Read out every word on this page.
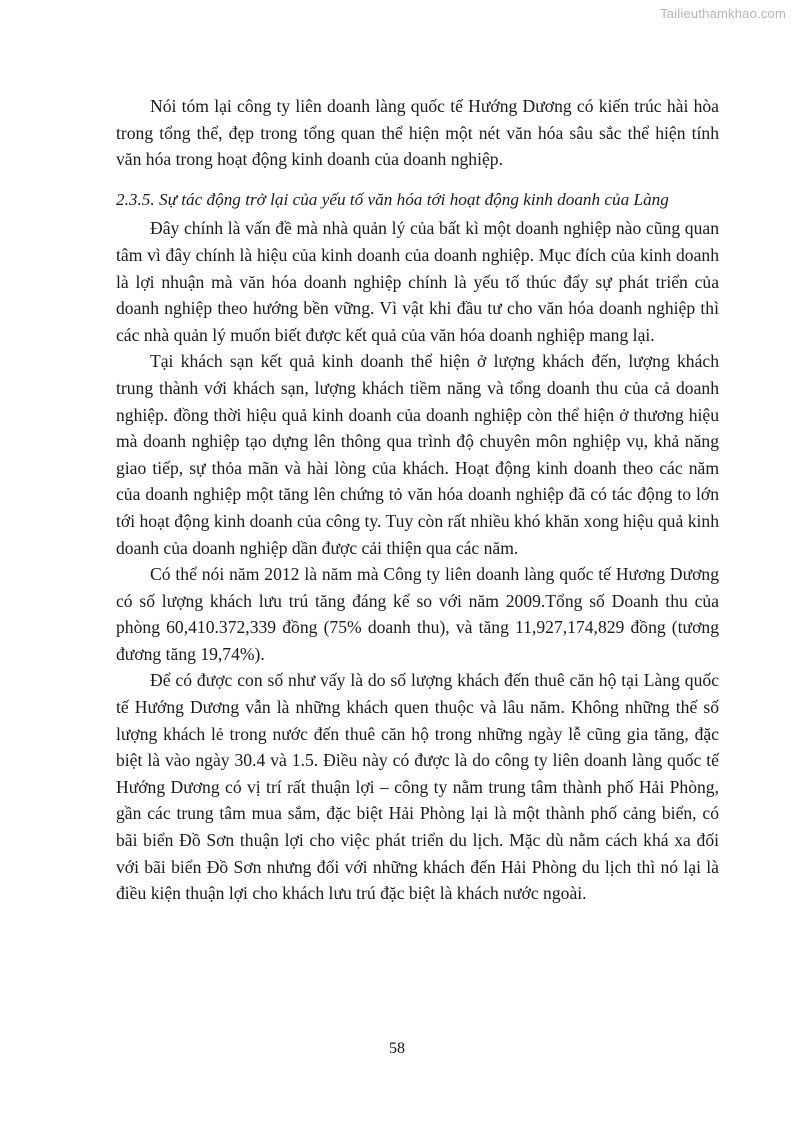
Tailieuthamkhao.com

Nói tóm lại công ty liên doanh làng quốc tế Hướng Dương có kiến trúc hài hòa trong tổng thể, đẹp trong tổng quan thể hiện một nét văn hóa sâu sắc thể hiện tính văn hóa trong hoạt động kinh doanh của doanh nghiệp.

2.3.5. Sự tác động trở lại của yếu tố văn hóa tới hoạt động kinh doanh của Làng

Đây chính là vấn đề mà nhà quản lý của bất kì một doanh nghiệp nào cũng quan tâm vì đây chính là hiệu của kinh doanh của doanh nghiệp. Mục đích của kinh doanh là lợi nhuận mà văn hóa doanh nghiệp chính là yếu tố thúc đẩy sự phát triển của doanh nghiệp theo hướng bền vững. Vì vật khi đầu tư cho văn hóa doanh nghiệp thì các nhà quản lý muốn biết được kết quả của văn hóa doanh nghiệp mang lại.

Tại khách sạn kết quả kinh doanh thể hiện ở lượng khách đến, lượng khách trung thành với khách sạn, lượng khách tiềm năng và tổng doanh thu của cả doanh nghiệp. đồng thời hiệu quả kinh doanh của doanh nghiệp còn thể hiện ở thương hiệu mà doanh nghiệp tạo dựng lên thông qua trình độ chuyên môn nghiệp vụ, khả năng giao tiếp, sự thỏa mãn và hài lòng của khách. Hoạt động kinh doanh theo các năm của doanh nghiệp một tăng lên chứng tỏ văn hóa doanh nghiệp đã có tác động to lớn tới hoạt động kinh doanh của công ty. Tuy còn rất nhiều khó khăn xong hiệu quả kinh doanh của doanh nghiệp dần được cải thiện qua các năm.

Có thể nói năm 2012 là năm mà Công ty liên doanh làng quốc tế Hương Dương có số lượng khách lưu trú tăng đáng kể so với năm 2009.Tổng số Doanh thu của phòng 60,410.372,339 đồng (75% doanh thu), và tăng 11,927,174,829 đồng (tương đương tăng 19,74%).

Để có được con số như vấy là do số lượng khách đến thuê căn hộ tại Làng quốc tế Hướng Dương vẫn là những khách quen thuộc và lâu năm. Không những thế số lượng khách lẻ trong nước đến thuê căn hộ trong những ngày lễ cũng gia tăng, đặc biệt là vào ngày 30.4 và 1.5. Điều này có được là do công ty liên doanh làng quốc tế Hướng Dương có vị trí rất thuận lợi – công ty nằm trung tâm thành phố Hải Phòng, gần các trung tâm mua sắm, đặc biệt Hải Phòng lại là một thành phố cảng biển, có bãi biển Đồ Sơn thuận lợi cho việc phát triển du lịch. Mặc dù nằm cách khá xa đối với bãi biển Đồ Sơn nhưng đối với những khách đến Hải Phòng du lịch thì nó lại là điều kiện thuận lợi cho khách lưu trú đặc biệt là khách nước ngoài.

58
